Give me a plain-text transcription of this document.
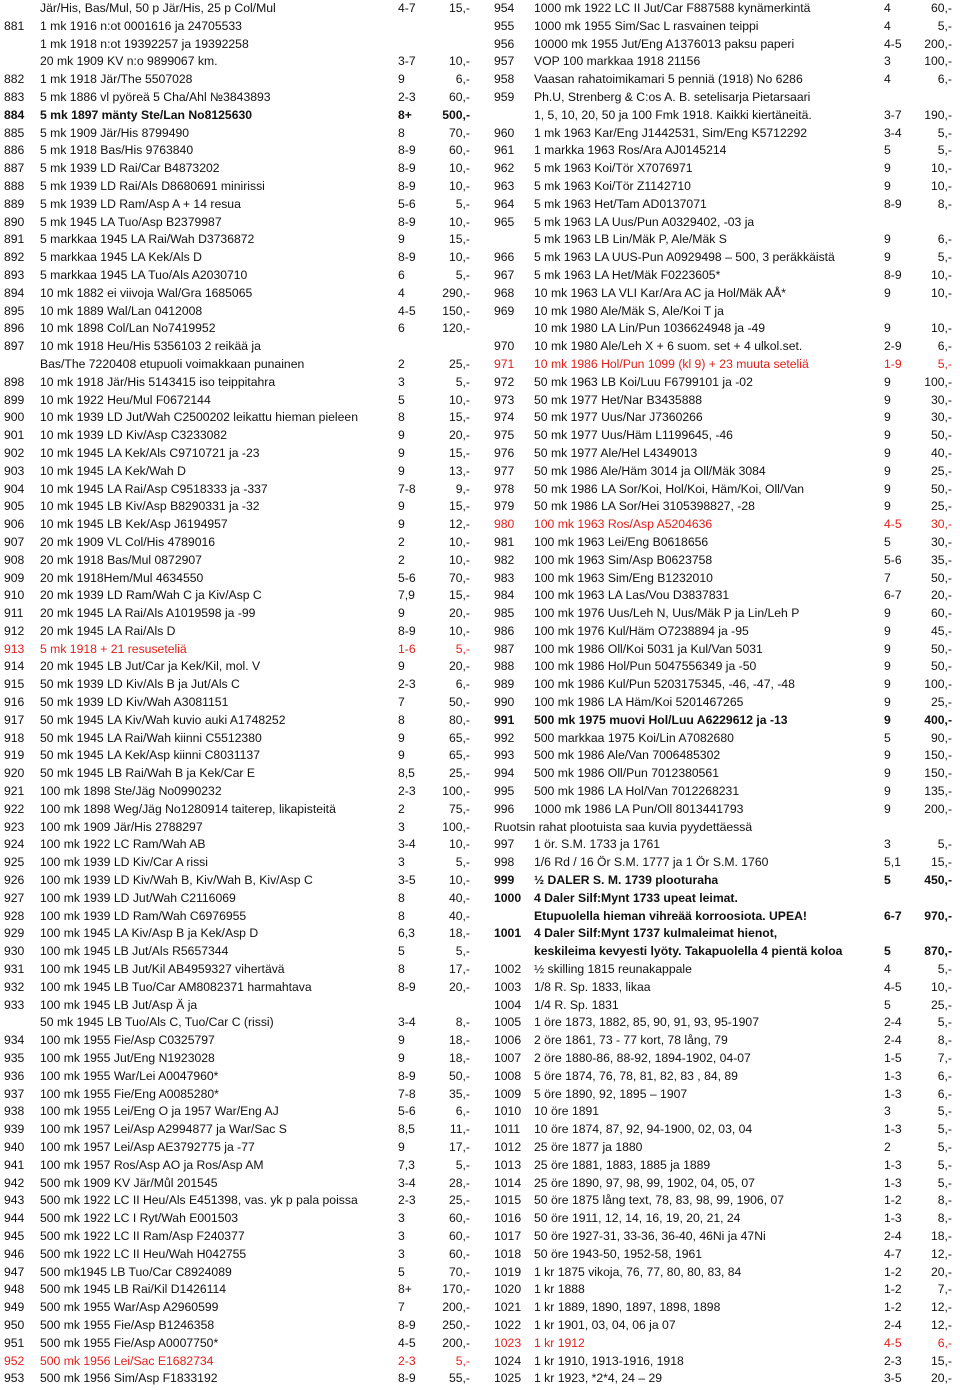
Jär/His, Bas/Mul, 50 p Jär/His, 25 p Col/Mul	4-7	15,-
881	1 mk 1916 n:ot 0001616 ja 24705533
1 mk 1918 n:ot 19392257 ja 19392258
20 mk 1909 KV n:o 9899067 km.	3-7	10,-
882	1 mk 1918 Jär/The 5507028	9	6,-
883	5 mk 1886 vl pyöreä 5 Cha/Ahl №3843893	2-3	60,-
884	5 mk 1897 mänty Ste/Lan No8125630	8+ 500,-
885	5 mk 1909 Jär/His 8799490	8	70,-
886	5 mk 1918 Bas/His 9763840	8-9	60,-
887	5 mk 1939 LD Rai/Car B4873202	8-9	10,-
888	5 mk 1939 LD Rai/Als D8680691 minirissi	8-9	10,-
889	5 mk 1939 LD Ram/Asp A + 14 resua	5-6	5,-
890	5 mk 1945 LA Tuo/Asp B2379987	8-9	10,-
891	5 markkaa 1945 LA Rai/Wah D3736872	9	15,-
892	5 markkaa 1945 LA Kek/Als D	8-9	10,-
893	5 markkaa 1945 LA Tuo/Als A2030710	6	5,-
894	10 mk 1882 ei viivoja Wal/Gra 1685065	4	290,-
895	10 mk 1889 Wal/Lan 0412008	4-5 150,-
896	10 mk 1898 Col/Lan No7419952	6	120,-
897	10 mk 1918 Heu/His 5356103 2 reikää ja
Bas/The 7220408 etupuoli voimakkaan punainen	2	25,-
898	10 mk 1918 Jär/His 5143415 iso teippitahra	3	5,-
899	10 mk 1922 Heu/Mul F0672144	5	10,-
900	10 mk 1939 LD Jut/Wah C2500202 leikattu hieman pieleen	8	15,-
901	10 mk 1939 LD Kiv/Asp C3233082	9	20,-
902	10 mk 1945 LA Kek/Als C9710721 ja -23	9	15,-
903	10 mk 1945 LA Kek/Wah D	9	13,-
904	10 mk 1945 LA Rai/Asp C9518333 ja -337	7-8	9,-
905	10 mk 1945 LB Kiv/Asp B8290331 ja -32	9	15,-
906	10 mk 1945 LB Kek/Asp J6194957	9	12,-
907	20 mk 1909 VL Col/His 4789016	2	10,-
908	20 mk 1918 Bas/Mul 0872907	2	10,-
909	20 mk 1918Hem/Mul 4634550	5-6	70,-
910	20 mk 1939 LD Ram/Wah C ja Kiv/Asp C	7,9	15,-
911	20 mk 1945 LA Rai/Als A1019598 ja -99	9	20,-
912	20 mk 1945 LA Rai/Als D	8-9	10,-
913	5 mk 1918 + 21 resuseteliä	1-6	5,-
914	20 mk 1945 LB Jut/Car ja Kek/Kil, mol. V	9	20,-
915	50 mk 1939 LD Kiv/Als B ja Jut/Als C	2-3	6,-
916	50 mk 1939 LD Kiv/Wah A3081151	7	50,-
917	50 mk 1945 LA Kiv/Wah kuvio auki A1748252	8	80,-
918	50 mk 1945 LA Rai/Wah kiinni C5512380	9	65,-
919	50 mk 1945 LA Kek/Asp kiinni C8031137	9	65,-
920	50 mk 1945 LB Rai/Wah B ja Kek/Car E	8,5	25,-
921	100 mk 1898 Ste/Jäg No0990232	2-3 100,-
922	100 mk 1898 Weg/Jäg No1280914 taiterep, likapisteitä	2	75,-
923	100 mk 1909 Jär/His 2788297	3	100,-
924	100 mk 1922 LC Ram/Wah AB	3-4	10,-
925	100 mk 1939 LD Kiv/Car A rissi	3	5,-
926	100 mk 1939 LD Kiv/Wah B, Kiv/Wah B, Kiv/Asp C	3-5	10,-
927	100 mk 1939 LD Jut/Wah C2116069	8	40,-
928	100 mk 1939 LD Ram/Wah C6976955	8	40,-
929	100 mk 1945 LA Kiv/Asp B ja Kek/Asp D	6,3	18,-
930	100 mk 1945 LB Jut/Als R5657344	5	5,-
931	100 mk 1945 LB Jut/Kil AB4959327 vihertävä	8	17,-
932	100 mk 1945 LB Tuo/Car AM8082371 harmahtava	8-9	20,-
933	100 mk 1945 LB Jut/Asp Ä ja
50 mk 1945 LB Tuo/Als C, Tuo/Car C (rissi)	3-4	8,-
934	100 mk 1955 Fie/Asp C0325797	9	18,-
935	100 mk 1955 Jut/Eng N1923028	9	18,-
936	100 mk 1955 War/Lei A0047960*	8-9	50,-
937	100 mk 1955 Fie/Eng A0085280*	7-8	35,-
938	100 mk 1955 Lei/Eng O ja 1957 War/Eng AJ	5-6	6,-
939	100 mk 1957 Lei/Asp A2994877 ja War/Sac S	8,5	11,-
940	100 mk 1957 Lei/Asp AE3792775 ja -77	9	17,-
941	100 mk 1957 Ros/Asp AO ja Ros/Asp AM	7,3	5,-
942	500 mk 1909 KV Jär/Můl 201545	3-4	28,-
943	500 mk 1922 LC II Heu/Als E451398, vas. yk p pala poissa	2-3	25,-
944	500 mk 1922 LC I Ryt/Wah E001503	3	60,-
945	500 mk 1922 LC II Ram/Asp F240377	3	60,-
946	500 mk 1922 LC II Heu/Wah H042755	3	60,-
947	500 mk1945 LB Tuo/Car C8924089	5	70,-
948	500 mk 1945 LB Rai/Kil D1426114	8+ 170,-
949	500 mk 1955 War/Asp A2960599	7	200,-
950	500 mk 1955 Fie/Asp B1246358	8-9 250,-
951	500 mk 1955 Fie/Asp A0007750*	4-5 200,-
952	500 mk 1956 Lei/Sac E1682734	2-3	5,-
953	500 mk 1956 Sim/Asp F1833192	8-9	55,-
954	1000 mk 1922 LC II Jut/Car F887588 kynämerkintä	4	60,-
955	1000 mk 1955 Sim/Sac L rasvainen teippi	4	5,-
956	10000 mk 1955 Jut/Eng A1376013 paksu paperi	4-5 200,-
957	VOP 100 markkaa 1918 21156	3	100,-
958	Vaasan rahatoimikamari 5 penniä (1918) No 6286	4	6,-
959	Ph.U, Strenberg & C:os A. B. setelisarja Pietarsaari
1, 5, 10, 20, 50 ja 100 Fmk 1918. Kaikki kiertäneitä.	3-7 190,-
960	1 mk 1963 Kar/Eng J1442531, Sim/Eng K5712292	3-4	5,-
961	1 markka 1963 Ros/Ara AJ0145214	5	5,-
962	5 mk 1963 Koi/Tör X7076971	9	10,-
963	5 mk 1963 Koi/Tör Z1142710	9	10,-
964	5 mk 1963 Het/Tam AD0137071	8-9	8,-
965	5 mk 1963 LA Uus/Pun A0329402, -03 ja
5 mk 1963 LB Lin/Mäk P, Ale/Mäk S	9	6,-
966	5 mk 1963 LA UUS-Pun A0929498 – 500, 3 peräkkäistä	9	5,-
967	5 mk 1963 LA Het/Mäk F0223605*	8-9 10,-
968	10 mk 1963 LA VLI Kar/Ara AC ja Hol/Mäk AÅ*	9	10,-
969	10 mk 1980 Ale/Mäk S, Ale/Koi T ja
10 mk 1980 LA Lin/Pun 1036624948 ja -49	9	10,-
970	10 mk 1980 Ale/Leh X + 6 suom. set + 4 ulkol.set.	2-9	6,-
971	10 mk 1986 Hol/Pun 1099 (kl 9) + 23 muuta seteliä	1-9	5,-
972	50 mk 1963 LB Koi/Luu F6799101 ja -02	9	100,-
973	50 mk 1977 Het/Nar B3435888	9	30,-
974	50 mk 1977 Uus/Nar J7360266	9	30,-
975	50 mk 1977 Uus/Häm L1199645, -46	9	50,-
976	50 mk 1977 Ale/Hel L4349013	9	40,-
977	50 mk 1986 Ale/Häm 3014 ja Oll/Mäk 3084	9	25,-
978	50 mk 1986 LA Sor/Koi, Hol/Koi, Häm/Koi, Oll/Van	9	50,-
979	50 mk 1986 LA Sor/Hei 3105398827, -28	9	25,-
980	100 mk 1963 Ros/Asp A5204636	4-5 30,-
981	100 mk 1963 Lei/Eng B0618656	5	30,-
982	100 mk 1963 Sim/Asp B0623758	5-6 35,-
983	100 mk 1963 Sim/Eng B1232010	7	50,-
984	100 mk 1963 LA Las/Vou D3837831	6-7 20,-
985	100 mk 1976 Uus/Leh N, Uus/Mäk P ja Lin/Leh P	9	60,-
986	100 mk 1976 Kul/Häm O7238894 ja -95	9	45,-
987	100 mk 1986 Oll/Koi 5031 ja Kul/Van 5031	9	50,-
988	100 mk 1986 Hol/Pun 5047556349 ja -50	9	50,-
989	100 mk 1986 Kul/Pun 5203175345, -46, -47, -48	9	100,-
990	100 mk 1986 LA Häm/Koi 5201467265	9	25,-
991	500 mk 1975 muovi Hol/Luu A6229612 ja -13	9	400,-
992	500 markkaa 1975 Koi/Lin A7082680	5	90,-
993	500 mk 1986 Ale/Van 7006485302	9	150,-
994	500 mk 1986 Oll/Pun 7012380561	9	150,-
995	500 mk 1986 LA Hol/Van 7012268231	9	135,-
996	1000 mk 1986 LA Pun/Oll 8013441793	9	200,-
Ruotsin rahat plootuista saa kuvia pyydettäessä
997	1 ör. S.M. 1733 ja 1761	3	5,-
998	1/6 Rd / 16 Ör S.M. 1777 ja 1 Ör S.M. 1760	5,1 15,-
999	½ DALER S. M. 1739 plooturaha	5	450,-
1000	4 Daler Silf:Mynt 1733 upeat leimat.
Etupuolella hieman vihreää korroosiota. UPEA!	6-7 970,-
1001	4 Daler Silf:Mynt 1737 kulmaleimat hienot,
keskileima kevyesti lyöty. Takapuolella 4 pientä koloa	5	870,-
1002	½ skilling 1815 reunakappale	4	5,-
1003	1/8 R. Sp. 1833, likaa	4-5 10,-
1004	1/4 R. Sp. 1831	5	25,-
1005	1 öre 1873, 1882, 85, 90, 91, 93, 95-1907	2-4	5,-
1006	2 öre 1861, 73 - 77 kort, 78 lång, 79	2-4	8,-
1007	2 öre 1880-86, 88-92, 1894-1902, 04-07	1-5	7,-
1008	5 öre 1874, 76, 78, 81, 82, 83 , 84, 89	1-3	6,-
1009	5 öre 1890, 92, 1895 – 1907	1-3	6,-
1010	10 öre 1891	3	5,-
1011	10 öre 1874, 87, 92, 94-1900, 02, 03, 04	1-3	5,-
1012	25 öre 1877 ja 1880	2	5,-
1013	25 öre 1881, 1883, 1885 ja 1889	1-3	5,-
1014	25 öre 1890, 97, 98, 99, 1902, 04, 05, 07	1-3	5,-
1015	50 öre 1875 lång text, 78, 83, 98, 99, 1906, 07	1-2	8,-
1016	50 öre 1911, 12, 14, 16, 19, 20, 21, 24	1-3	8,-
1017	50 öre 1927-31, 33-36, 36-40, 46Ni ja 47Ni	2-4 18,-
1018	50 öre 1943-50, 1952-58, 1961	4-7 12,-
1019	1 kr 1875 vikoja, 76, 77, 80, 80, 83, 84	1-2 20,-
1020	1 kr 1888	1-2	7,-
1021	1 kr 1889, 1890, 1897, 1898, 1898	1-2 12,-
1022	1 kr 1901, 03, 04, 06 ja 07	2-4 12,-
1023	1 kr 1912	4-5	6,-
1024	1 kr 1910, 1913-1916, 1918	2-3 15,-
1025	1 kr 1923, *2*4, 24 – 29	3-5 20,-
